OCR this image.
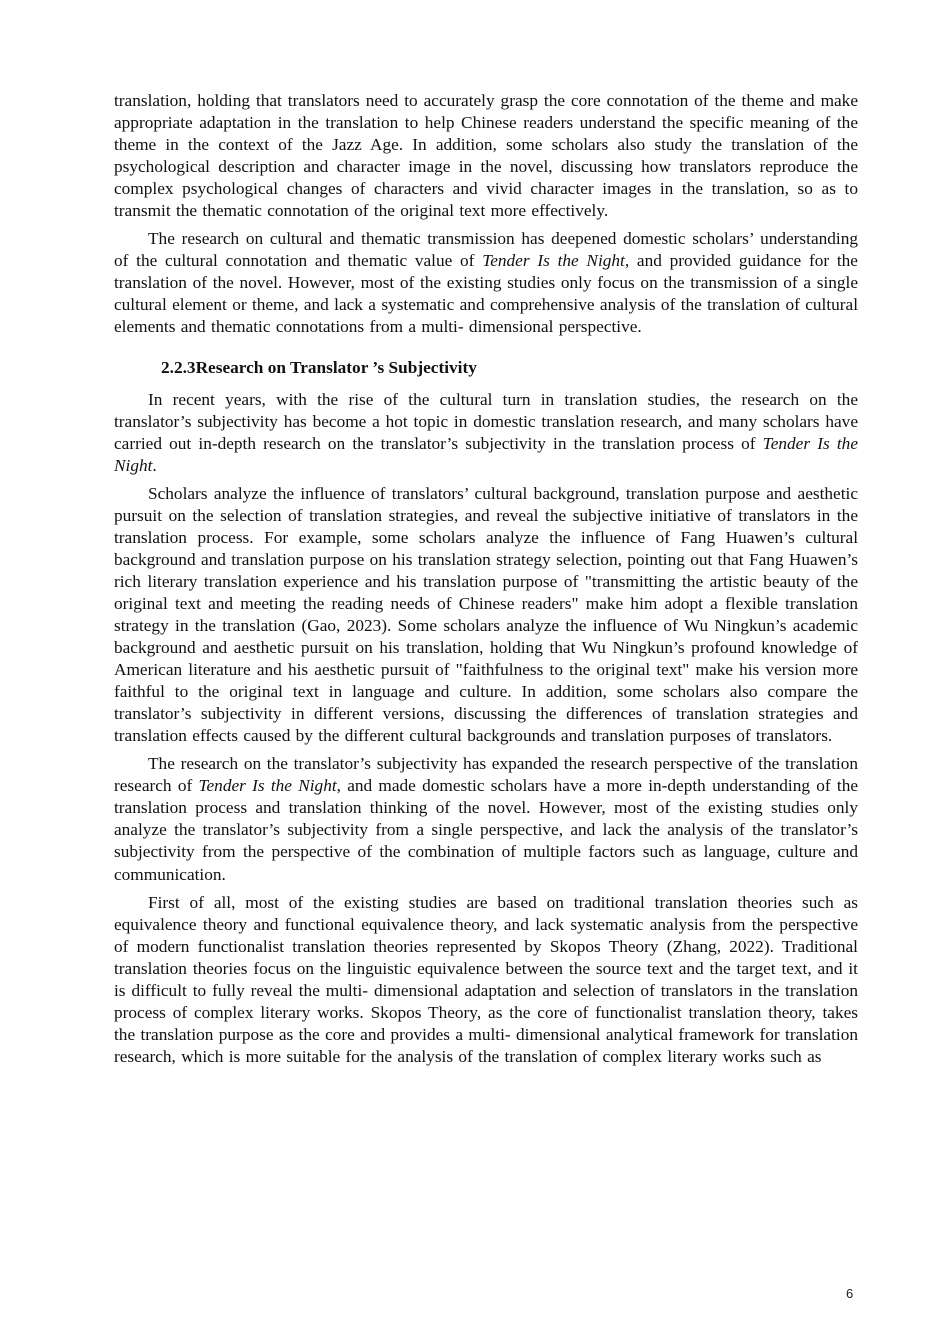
translation, holding that translators need to accurately grasp the core connotation of the theme and make appropriate adaptation in the translation to help Chinese readers understand the specific meaning of the theme in the context of the Jazz Age. In addition, some scholars also study the translation of the psychological description and character image in the novel, discussing how translators reproduce the complex psychological changes of characters and vivid character images in the translation, so as to transmit the thematic connotation of the original text more effectively.

The research on cultural and thematic transmission has deepened domestic scholars’ understanding of the cultural connotation and thematic value of Tender Is the Night, and provided guidance for the translation of the novel. However, most of the existing studies only focus on the transmission of a single cultural element or theme, and lack a systematic and comprehensive analysis of the translation of cultural elements and thematic connotations from a multi- dimensional perspective.

2.2.3Research on Translator ’s Subjectivity

In recent years, with the rise of the cultural turn in translation studies, the research on the translator’s subjectivity has become a hot topic in domestic translation research, and many scholars have carried out in-depth research on the translator’s subjectivity in the translation process of Tender Is the Night.

Scholars analyze the influence of translators’ cultural background, translation purpose and aesthetic pursuit on the selection of translation strategies, and reveal the subjective initiative of translators in the translation process. For example, some scholars analyze the influence of Fang Huawen’s cultural background and translation purpose on his translation strategy selection, pointing out that Fang Huawen’s rich literary translation experience and his translation purpose of "transmitting the artistic beauty of the original text and meeting the reading needs of Chinese readers" make him adopt a flexible translation strategy in the translation (Gao, 2023). Some scholars analyze the influence of Wu Ningkun’s academic background and aesthetic pursuit on his translation, holding that Wu Ningkun’s profound knowledge of American literature and his aesthetic pursuit of "faithfulness to the original text" make his version more faithful to the original text in language and culture. In addition, some scholars also compare the translator’s subjectivity in different versions, discussing the differences of translation strategies and translation effects caused by the different cultural backgrounds and translation purposes of translators.

The research on the translator’s subjectivity has expanded the research perspective of the translation research of Tender Is the Night, and made domestic scholars have a more in-depth understanding of the translation process and translation thinking of the novel. However, most of the existing studies only analyze the translator’s subjectivity from a single perspective, and lack the analysis of the translator’s subjectivity from the perspective of the combination of multiple factors such as language, culture and communication.

First of all, most of the existing studies are based on traditional translation theories such as equivalence theory and functional equivalence theory, and lack systematic analysis from the perspective of modern functionalist translation theories represented by Skopos Theory (Zhang, 2022). Traditional translation theories focus on the linguistic equivalence between the source text and the target text, and it is difficult to fully reveal the multi- dimensional adaptation and selection of translators in the translation process of complex literary works. Skopos Theory, as the core of functionalist translation theory, takes the translation purpose as the core and provides a multi- dimensional analytical framework for translation research, which is more suitable for the analysis of the translation of complex literary works such as

6
